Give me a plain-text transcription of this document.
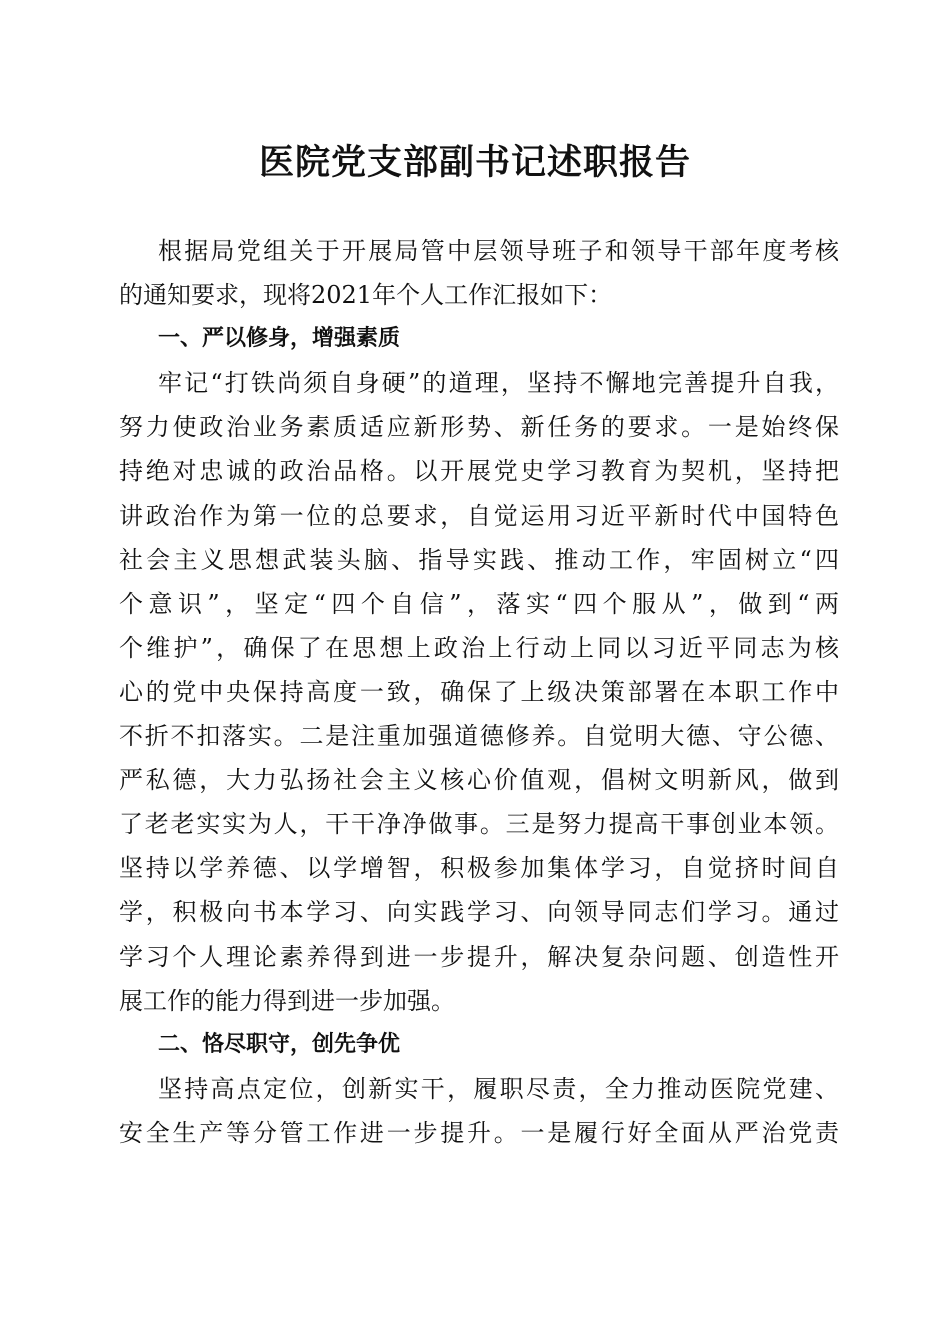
医院党支部副书记述职报告
根据局党组关于开展局管中层领导班子和领导干部年度考核
的通知要求，现将2021年个人工作汇报如下：
一、严以修身，增强素质
牢记“打铁尚须自身硬”的道理，坚持不懈地完善提升自我，
努力使政治业务素质适应新形势、新任务的要求。一是始终保
持绝对忠诚的政治品格。以开展党史学习教育为契机，坚持把
讲政治作为第一位的总要求，自觉运用习近平新时代中国特色
社会主义思想武装头脑、指导实践、推动工作，牢固树立“四
个意识”，坚定“四个自信”，落实“四个服从”，做到“两
个维护”，确保了在思想上政治上行动上同以习近平同志为核
心的党中央保持高度一致，确保了上级决策部署在本职工作中
不折不扣落实。二是注重加强道德修养。自觉明大德、守公德、
严私德，大力弘扬社会主义核心价值观，倡树文明新风，做到
了老老实实为人，干干净净做事。三是努力提高干事创业本领。
坚持以学养德、以学增智，积极参加集体学习，自觉挤时间自
学，积极向书本学习、向实践学习、向领导同志们学习。通过
学习个人理论素养得到进一步提升，解决复杂问题、创造性开
展工作的能力得到进一步加强。
二、恪尽职守，创先争优
坚持高点定位，创新实干，履职尽责，全力推动医院党建、
安全生产等分管工作进一步提升。一是履行好全面从严治党责
